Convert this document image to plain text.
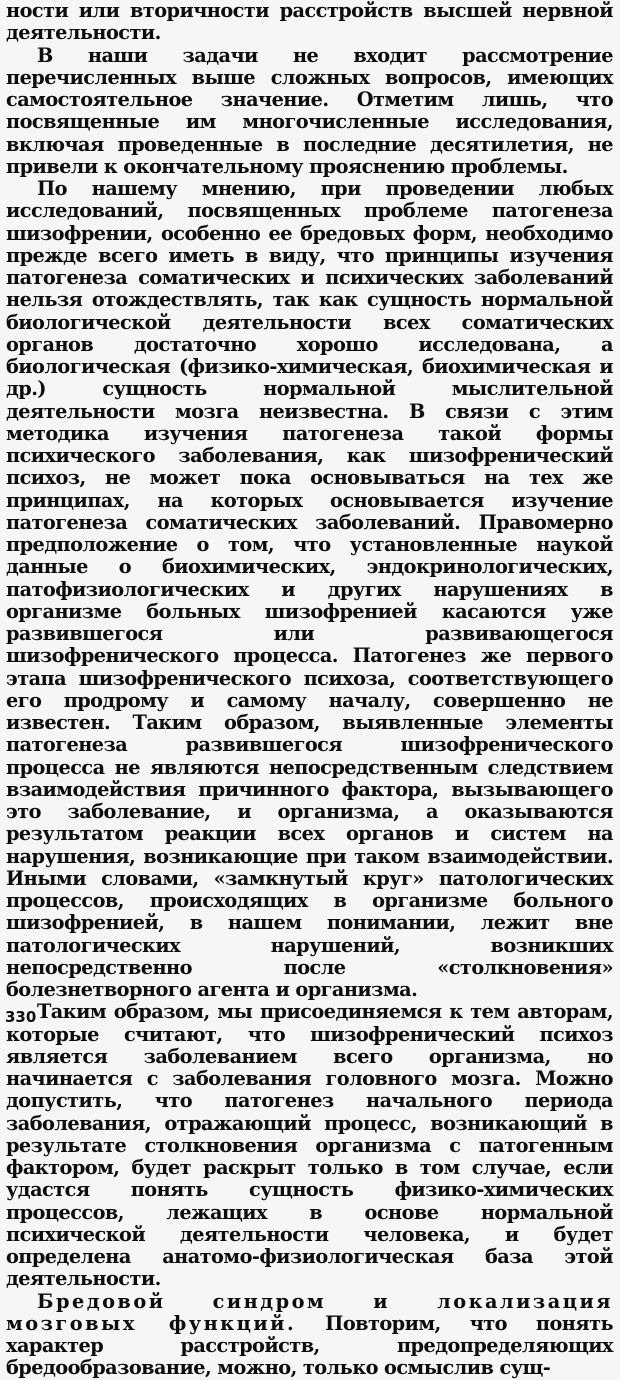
ности или вторичности расстройств высшей нервной деятельности.

В наши задачи не входит рассмотрение перечисленных выше сложных вопросов, имеющих самостоятельное значение. Отметим лишь, что посвященные им многочисленные исследования, включая проведенные в последние десятилетия, не привели к окончательному прояснению проблемы.

По нашему мнению, при проведении любых исследований, посвященных проблеме патогенеза шизофрении, особенно ее бредовых форм, необходимо прежде всего иметь в виду, что принципы изучения патогенеза соматических и психических заболеваний нельзя отождествлять, так как сущность нормальной биологической деятельности всех соматических органов достаточно хорошо исследована, а биологическая (физико-химическая, биохимическая и др.) сущность нормальной мыслительной деятельности мозга неизвестна. В связи с этим методика изучения патогенеза такой формы психического заболевания, как шизофренический психоз, не может пока основываться на тех же принципах, на которых основывается изучение патогенеза соматических заболеваний. Правомерно предположение о том, что установленные наукой данные о биохимических, эндокринологических, патофизиологических и других нарушениях в организме больных шизофренией касаются уже развившегося или развивающегося шизофренического процесса. Патогенез же первого этапа шизофренического психоза, соответствующего его продрому и самому началу, совершенно не известен. Таким образом, выявленные элементы патогенеза развившегося шизофренического процесса не являются непосредственным следствием взаимодействия причинного фактора, вызывающего это заболевание, и организма, а оказываются результатом реакции всех органов и систем на нарушения, возникающие при таком взаимодействии. Иными словами, «замкнутый круг» патологических процессов, происходящих в организме больного шизофренией, в нашем понимании, лежит вне патологических нарушений, возникших непосредственно после «столкновения» болезнетворного агента и организма.

Таким образом, мы присоединяемся к тем авторам, которые считают, что шизофренический психоз является заболеванием всего организма, но начинается с заболевания головного мозга. Можно допустить, что патогенез начального периода заболевания, отражающий процесс, возникающий в результате столкновения организма с патогенным фактором, будет раскрыт только в том случае, если удастся понять сущность физико-химических процессов, лежащих в основе нормальной психической деятельности человека, и будет определена анатомо-физиологическая база этой деятельности.

Бредовой синдром и локализация мозговых функций. Повторим, что понять характер расстройств, предопределяющих бредообразование, можно, только осмыслив сущ-

330
